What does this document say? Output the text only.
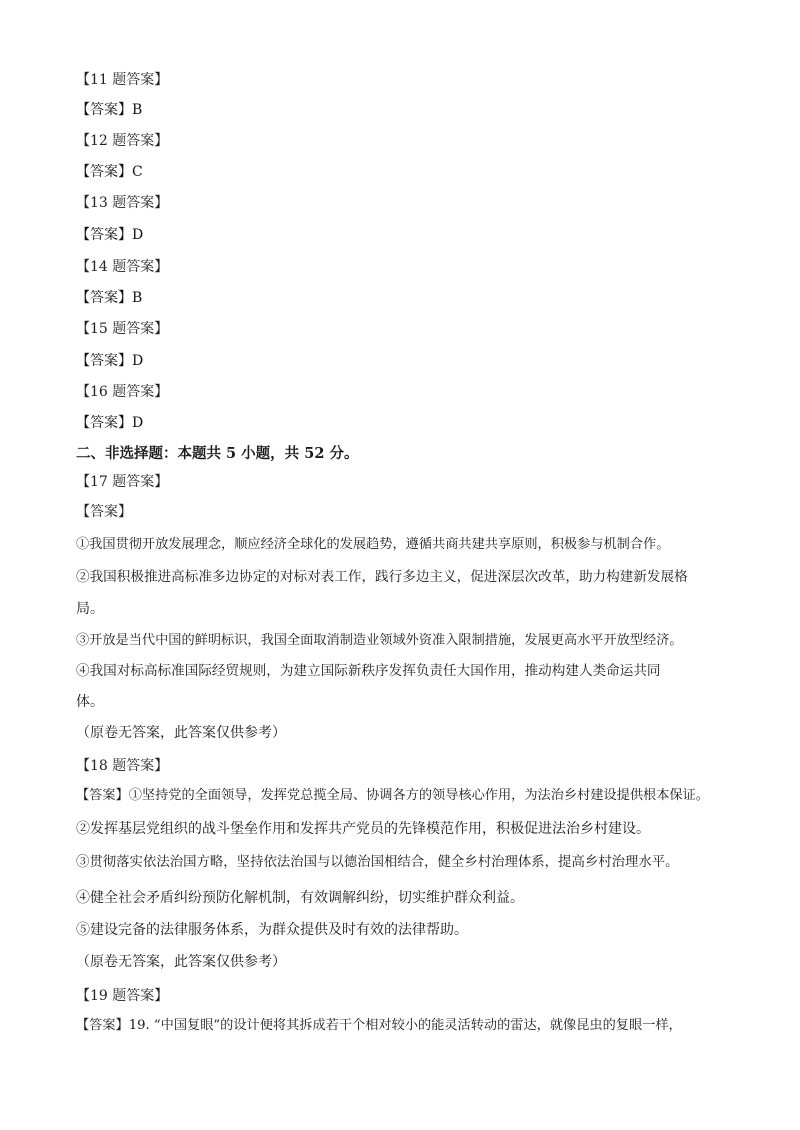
【11 题答案】
【答案】B
【12 题答案】
【答案】C
【13 题答案】
【答案】D
【14 题答案】
【答案】B
【15 题答案】
【答案】D
【16 题答案】
【答案】D
二、非选择题：本题共 5 小题，共 52 分。
【17 题答案】
【答案】
①我国贯彻开放发展理念，顺应经济全球化的发展趋势，遵循共商共建共享原则，积极参与机制合作。
②我国积极推进高标准多边协定的对标对表工作，践行多边主义，促进深层次改革，助力构建新发展格
局。
③开放是当代中国的鲜明标识，我国全面取消制造业领域外资准入限制措施，发展更高水平开放型经济。
④我国对标高标准国际经贸规则，为建立国际新秩序发挥负责任大国作用，推动构建人类命运共同
体。
（原卷无答案，此答案仅供参考）
【18 题答案】
【答案】①坚持党的全面领导，发挥党总揽全局、协调各方的领导核心作用，为法治乡村建设提供根本保证。
②发挥基层党组织的战斗堡垒作用和发挥共产党员的先锋模范作用，积极促进法治乡村建设。
③贯彻落实依法治国方略，坚持依法治国与以德治国相结合，健全乡村治理体系，提高乡村治理水平。
④健全社会矛盾纠纷预防化解机制，有效调解纠纷，切实维护群众利益。
⑤建设完备的法律服务体系，为群众提供及时有效的法律帮助。
（原卷无答案，此答案仅供参考）
【19 题答案】
【答案】19. “中国复眼”的设计便将其拆成若干个相对较小的能灵活转动的雷达，就像昆虫的复眼一样，
